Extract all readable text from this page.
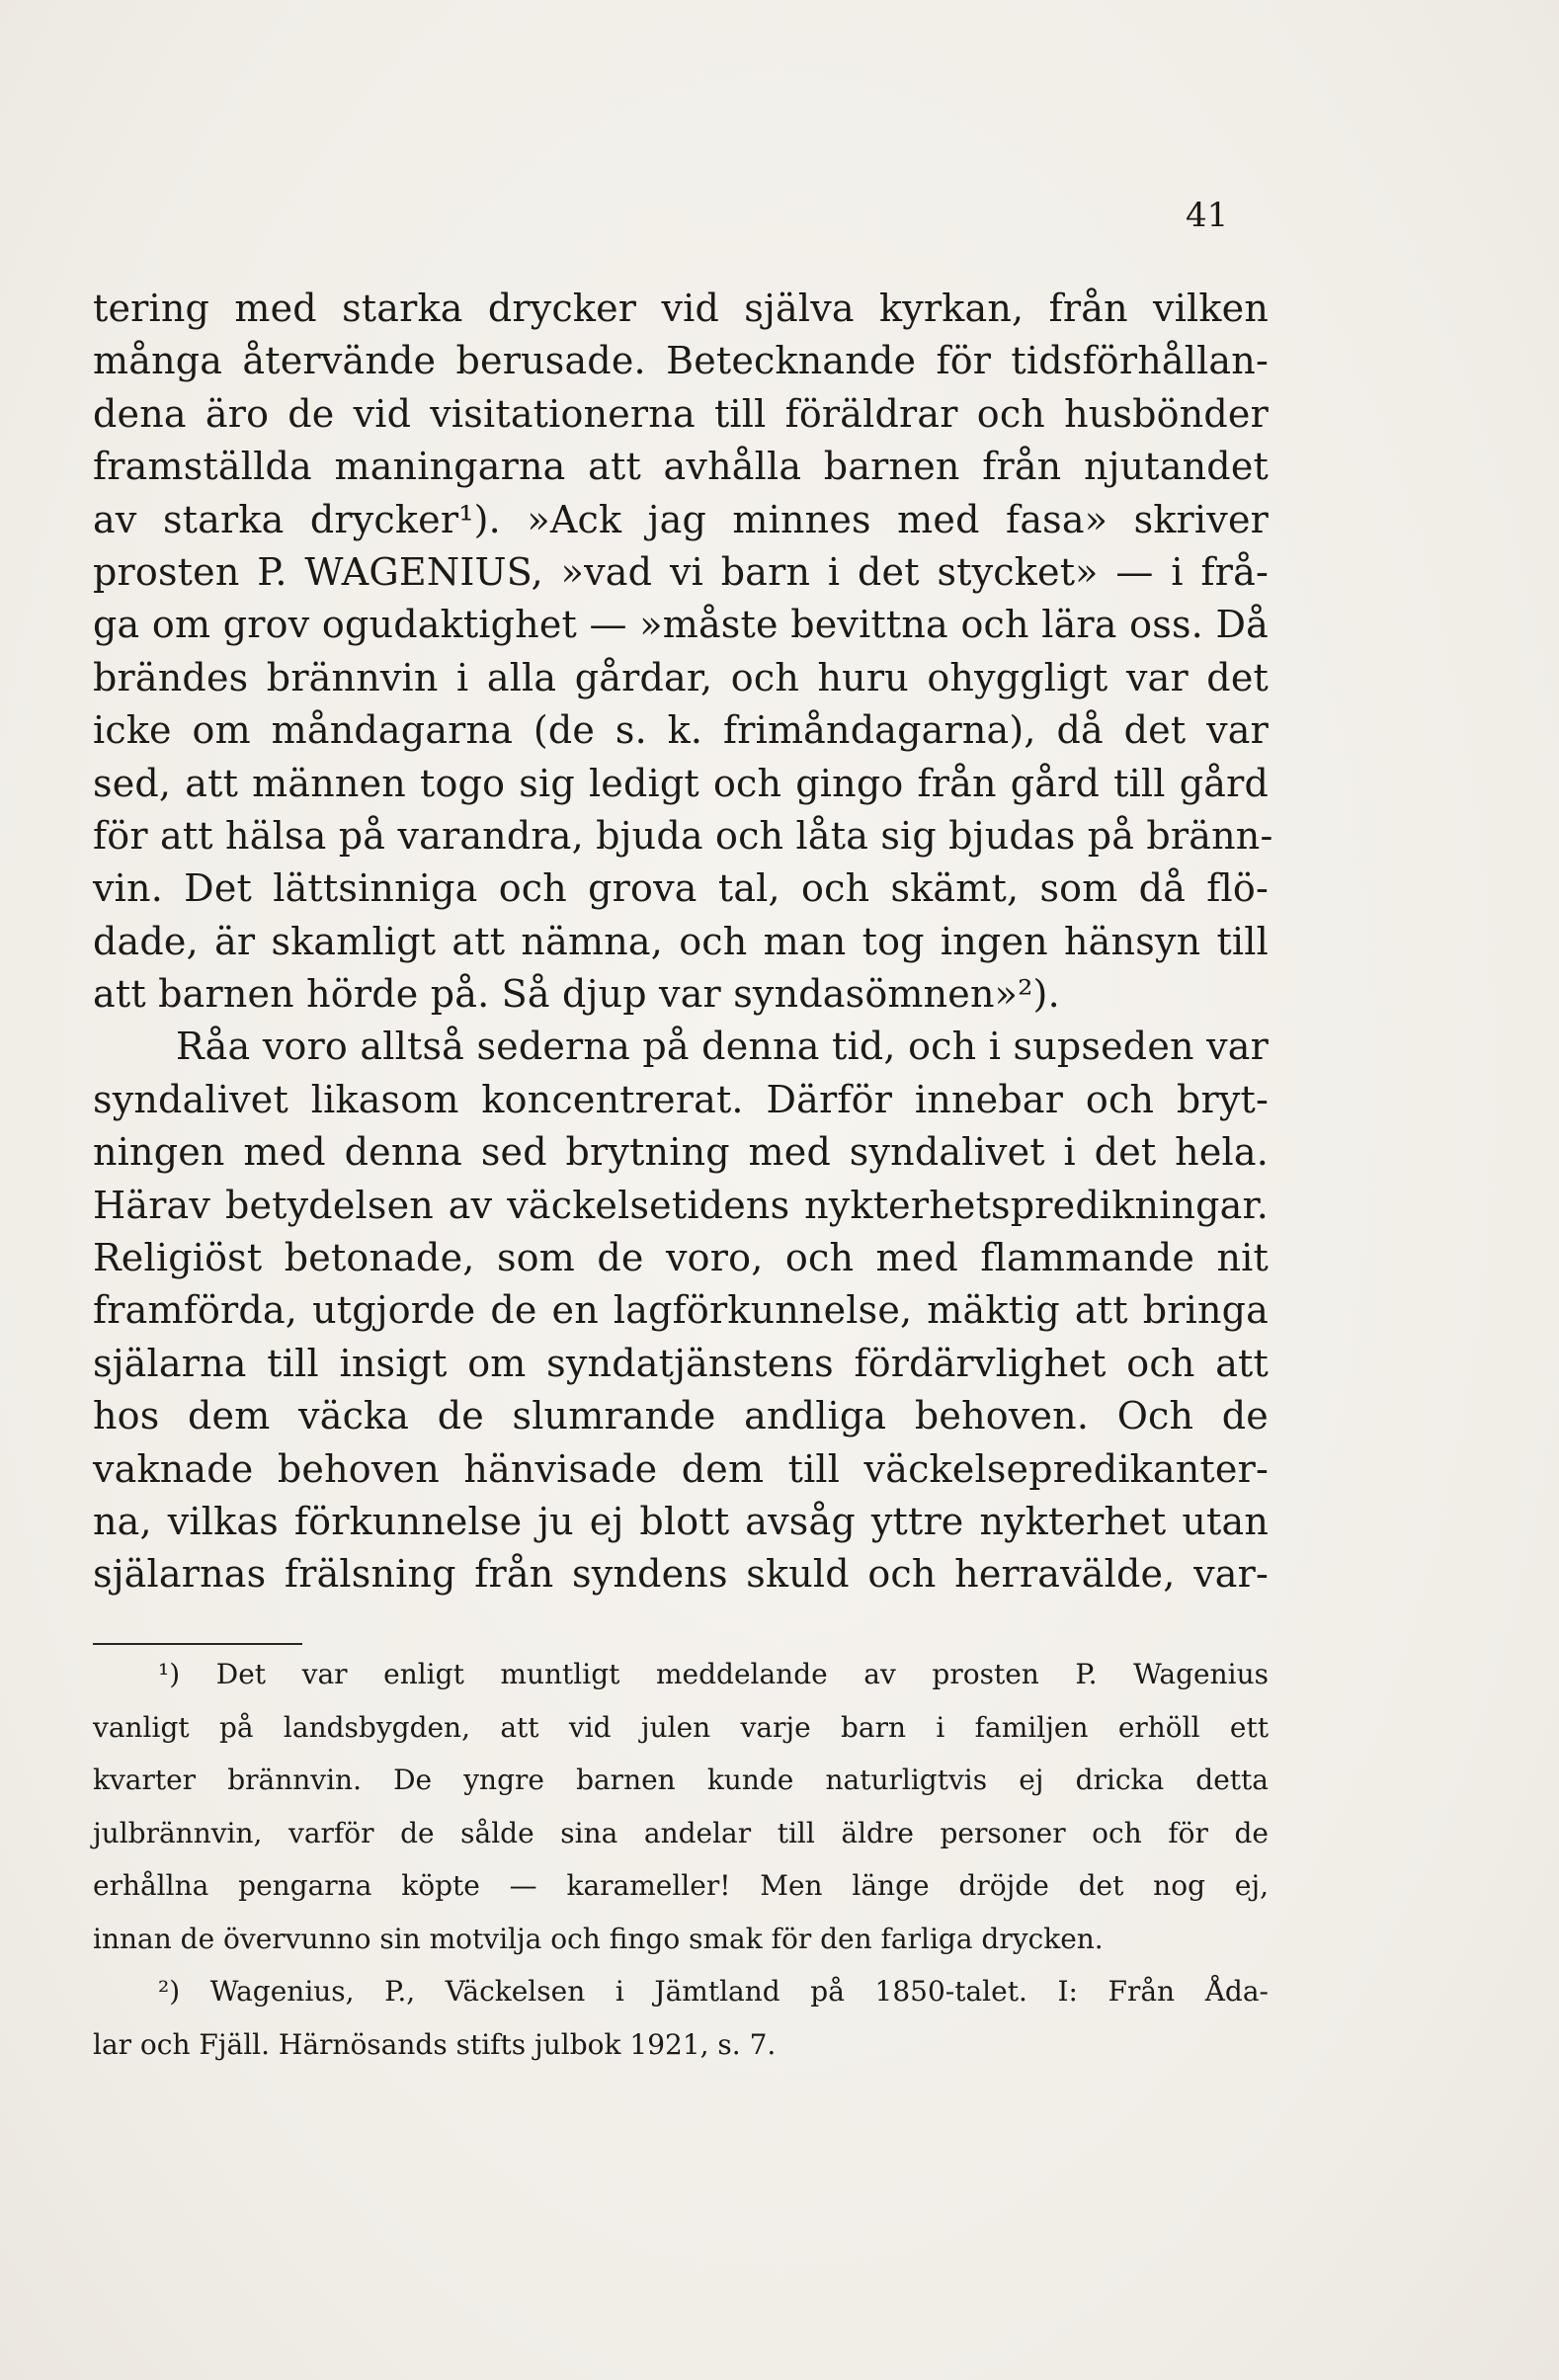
41
tering med starka drycker vid själva kyrkan, från vilken
många återvände berusade. Betecknande för tidsförhållan-
dena äro de vid visitationerna till föräldrar och husbönder
framställda maningarna att avhålla barnen från njutandet
av starka drycker¹). »Ack jag minnes med fasa» skriver
prosten P. WAGENIUS, »vad vi barn i det stycket» — i frå-
ga om grov ogudaktighet — »måste bevittna och lära oss. Då
brändes brännvin i alla gårdar, och huru ohyggligt var det
icke om måndagarna (de s. k. frimåndagarna), då det var
sed, att männen togo sig ledigt och gingo från gård till gård
för att hälsa på varandra, bjuda och låta sig bjudas på bränn-
vin. Det lättsinniga och grova tal, och skämt, som då flö-
dade, är skamligt att nämna, och man tog ingen hänsyn till
att barnen hörde på. Så djup var syndasömnen»²).
Råa voro alltså sederna på denna tid, och i supseden var
syndalivet likasom koncentrerat. Därför innebar och bryt-
ningen med denna sed brytning med syndalivet i det hela.
Härav betydelsen av väckelsetidens nykterhetspredikningar.
Religiöst betonade, som de voro, och med flammande nit
framförda, utgjorde de en lagförkunnelse, mäktig att bringa
själarna till insigt om syndatjänstens fördärvlighet och att
hos dem väcka de slumrande andliga behoven. Och de
vaknade behoven hänvisade dem till väckelsepredikanter-
na, vilkas förkunnelse ju ej blott avsåg yttre nykterhet utan
själarnas frälsning från syndens skuld och herravälde, var-
¹) Det var enligt muntligt meddelande av prosten P. Wagenius
vanligt på landsbygden, att vid julen varje barn i familjen erhöll ett
kvarter brännvin. De yngre barnen kunde naturligtvis ej dricka detta
julbrännvin, varför de sålde sina andelar till äldre personer och för de
erhållna pengarna köpte — karameller! Men länge dröjde det nog ej,
innan de övervunno sin motvilja och fingo smak för den farliga drycken.
²) Wagenius, P., Väckelsen i Jämtland på 1850-talet. I: Från Åda-
lar och Fjäll. Härnösands stifts julbok 1921, s. 7.
